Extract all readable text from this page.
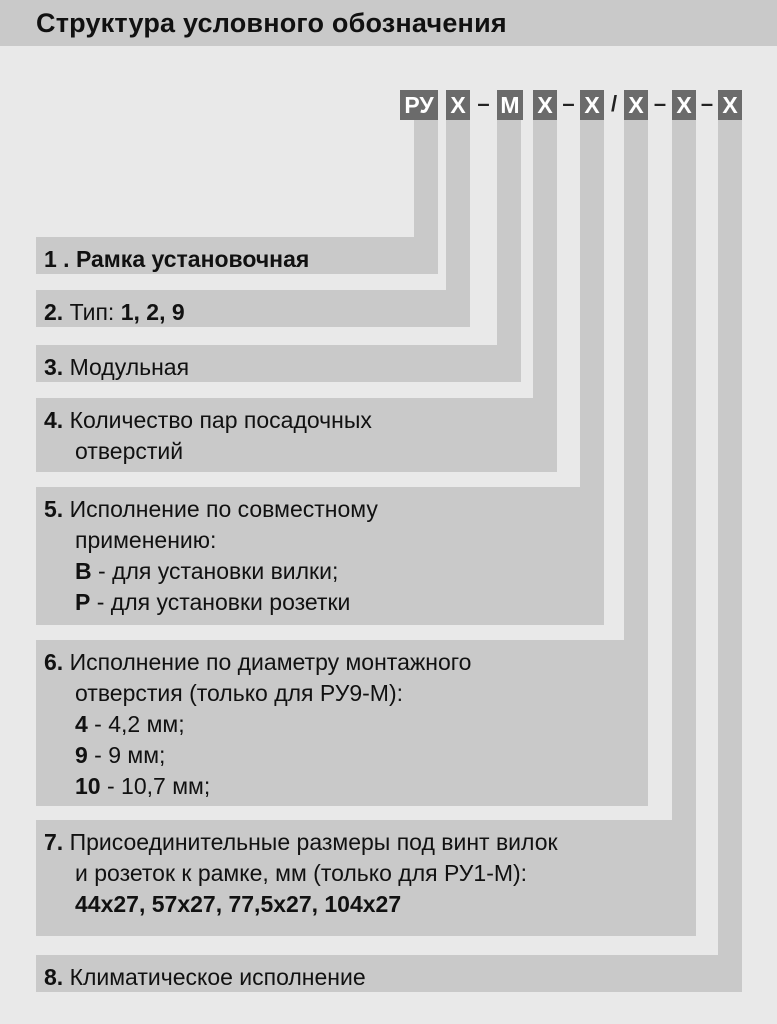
Структура условного обозначения
РУ Х – М Х – Х / Х – Х – Х
1 . Рамка установочная
2. Тип: 1, 2, 9
3. Модульная
4. Количество пар посадочных
отверстий
5. Исполнение по совместному
применению:
В - для установки вилки;
Р - для установки розетки
6. Исполнение по диаметру монтажного
отверстия (только для РУ9-М):
4 - 4,2 мм;
9 - 9 мм;
10 - 10,7 мм;
7. Присоединительные размеры под винт вилок
и розеток к рамке, мм (только для РУ1-М):
44х27, 57х27, 77,5х27, 104х27
8. Климатическое исполнение
